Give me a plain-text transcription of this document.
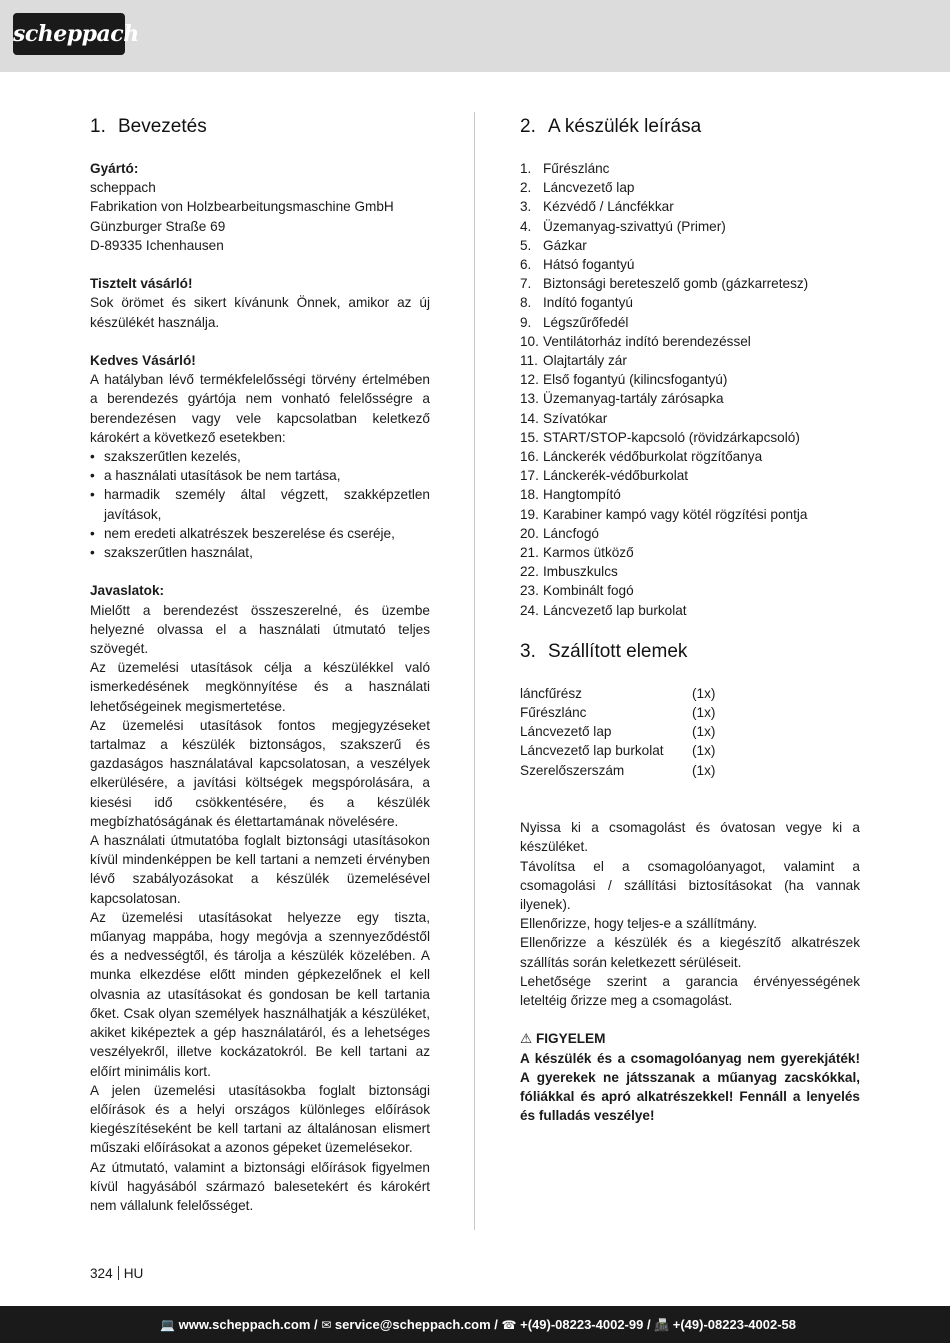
scheppach
1. Bevezetés

Gyártó:

scheppach

Fabrikation von Holzbearbeitungsmaschine GmbH

Günzburger Straße 69

D-89335 Ichenhausen

Tisztelt vásárló!

Sok örömet és sikert kívánunk Önnek, amikor az új készülékét használja.

Kedves Vásárló!

A hatályban lévő termékfelelősségi törvény értelmében a berendezés gyártója nem vonható felelősségre a berendezésen vagy vele kapcsolatban keletkező károkért a következő esetekben:

• szakszerűtlen kezelés,
• a használati utasítások be nem tartása,
• harmadik személy által végzett, szakképzetlen javítások,
• nem eredeti alkatrészek beszerelése és cseréje,
• szakszerűtlen használat,

Javaslatok:

Mielőtt a berendezést összeszerelné, és üzembe helyezné olvassa el a használati útmutató teljes szövegét.

Az üzemelési utasítások célja a készülékkel való ismerkedésének megkönnyítése és a használati lehetőségeinek megismertetése.

Az üzemelési utasítások fontos megjegyzéseket tartalmaz a készülék biztonságos, szakszerű és gazdaságos használatával kapcsolatosan, a veszélyek elkerülésére, a javítási költségek megspórolására, a kiesési idő csökkentésére, és a készülék megbízhatóságának és élettartamának növelésére.

A használati útmutatóba foglalt biztonsági utasításokon kívül mindenképpen be kell tartani a nemzeti érvényben lévő szabályozásokat a készülék üzemelésével kapcsolatosan.

Az üzemelési utasításokat helyezze egy tiszta, műanyag mappába, hogy megóvja a szennyeződéstől és a nedvességtől, és tárolja a készülék közelében. A munka elkezdése előtt minden gépkezelőnek el kell olvasnia az utasításokat és gondosan be kell tartania őket. Csak olyan személyek használhatják a készüléket, akiket kiképeztek a gép használatáról, és a lehetséges veszélyekről, illetve kockázatokról. Be kell tartani az előírt minimális kort.

A jelen üzemelési utasításokba foglalt biztonsági előírások és a helyi országos különleges előírások kiegészítéseként be kell tartani az általánosan elismert műszaki előírásokat a azonos gépeket üzemelésekor.

Az útmutató, valamint a biztonsági előírások figyelmen kívül hagyásából származó balesetekért és károkért nem vállalunk felelősséget.

2. A készülék leírása
1. Fűrészlánc
2. Láncvezető lap
3. Kézvédő / Láncfékkar
4. Üzemanyag-szivattyú (Primer)
5. Gázkar
6. Hátsó fogantyú
7. Biztonsági bereteszelő gomb (gázkarretesz)
8. Indító fogantyú
9. Légszűrőfedél
10. Ventilátorház indító berendezéssel
11. Olajtartály zár
12. Első fogantyú (kilincsfogantyú)
13. Üzemanyag-tartály zárósapka
14. Szívatókar
15. START/STOP-kapcsoló (rövidzárkapcsoló)
16. Lánckerék védőburkolat rögzítőanya
17. Lánckerék-védőburkolat
18. Hangtompító
19. Karabiner kampó vagy kötél rögzítési pontja
20. Láncfogó
21. Karmos ütköző
22. Imbuszkulcs
23. Kombinált fogó
24. Láncvezető lap burkolat
3. Szállított elemek
láncfűrész	(1x)
Fűrészlánc	(1x)
Láncvezető lap	(1x)
Láncvezető lap burkolat	(1x)
Szerelőszerszám	(1x)

Nyissa ki a csomagolást és óvatosan vegye ki a készüléket.

Távolítsa el a csomagolóanyagot, valamint a csomagolási / szállítási biztosításokat (ha vannak ilyenek).

Ellenőrizze, hogy teljes-e a szállítmány.

Ellenőrizze a készülék és a kiegészítő alkatrészek szállítás során keletkezett sérüléseit.

Lehetősége szerint a garancia érvényességének leteltéig őrizze meg a csomagolást.

⚠ FIGYELEM

A készülék és a csomagolóanyag nem gyerekjáték! A gyerekek ne játsszanak a műanyag zacskókkal, fóliákkal és apró alkatrészekkel! Fennáll a lenyelés és fulladás veszélye!

324 HU
💻 www.scheppach.com / ✉ service@scheppach.com / ☎ +(49)-08223-4002-99 / 📠 +(49)-08223-4002-58
